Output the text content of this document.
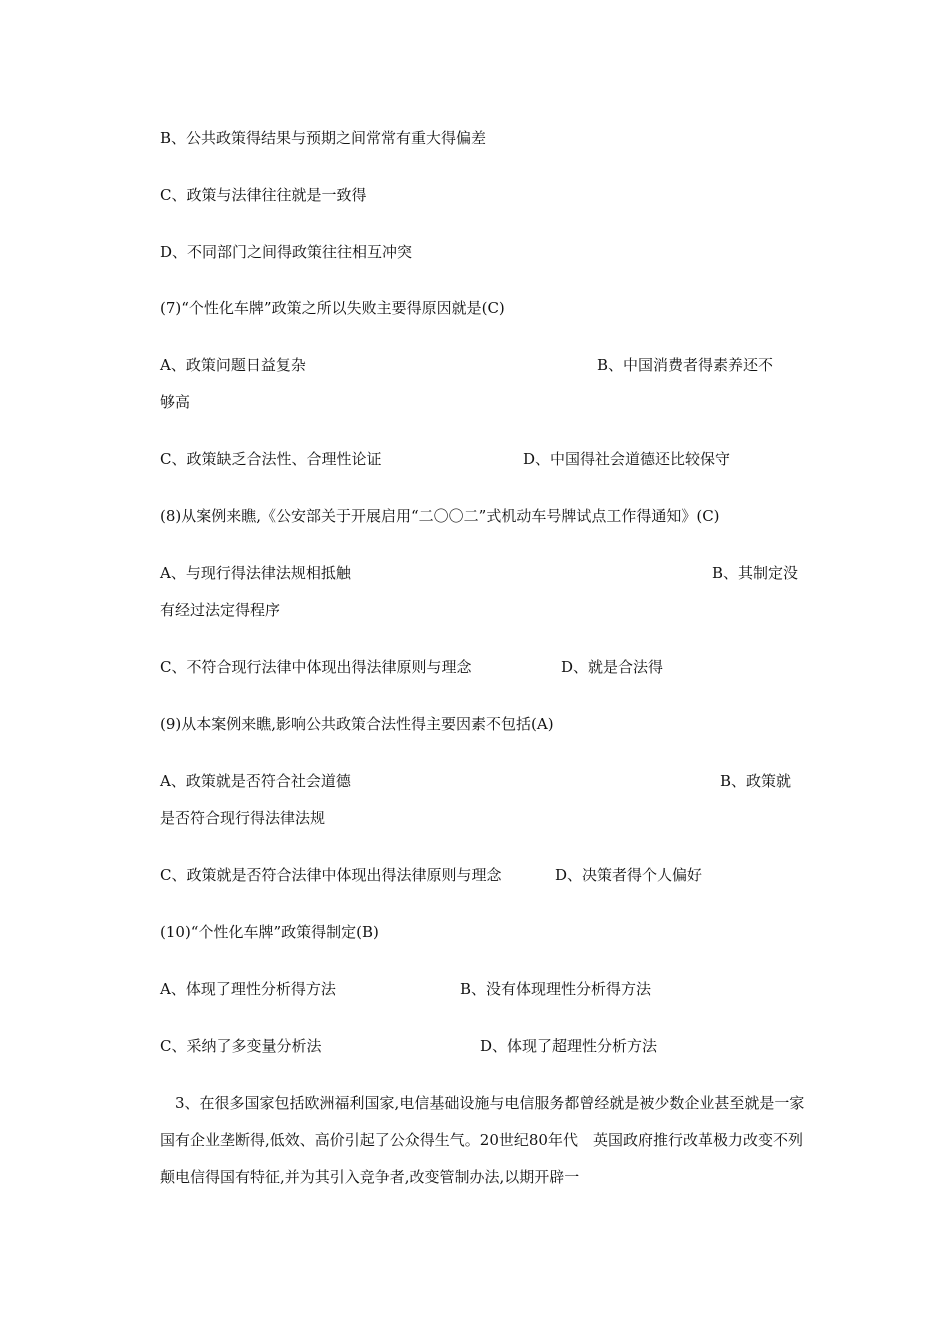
B、公共政策得结果与预期之间常常有重大得偏差
C、政策与法律往往就是一致得
D、不同部门之间得政策往往相互冲突
(7)“个性化车牌”政策之所以失败主要得原因就是(C)
A、政策问题日益复杂	B、中国消费者得素养还不
够高
C、政策缺乏合法性、合理性论证	D、中国得社会道德还比较保守
(8)从案例来瞧,《公安部关于开展启用“二〇〇二”式机动车号牌试点工作得通知》(C)
A、与现行得法律法规相抵触	B、其制定没
有经过法定得程序
C、不符合现行法律中体现出得法律原则与理念	D、就是合法得
(9)从本案例来瞧,影响公共政策合法性得主要因素不包括(A)
A、政策就是否符合社会道德	B、政策就
是否符合现行得法律法规
C、政策就是否符合法律中体现出得法律原则与理念	D、决策者得个人偏好
(10)“个性化车牌”政策得制定(B)
A、体现了理性分析得方法	B、没有体现理性分析得方法
C、采纳了多变量分析法	D、体现了超理性分析方法
3、在很多国家包括欧洲福利国家,电信基础设施与电信服务都曾经就是被少数企业甚至就是一家国有企业垄断得,低效、高价引起了公众得生气。20世纪80年代　英国政府推行改革极力改变不列颠电信得国有特征,并为其引入竞争者,改变管制办法,以期开辟一
